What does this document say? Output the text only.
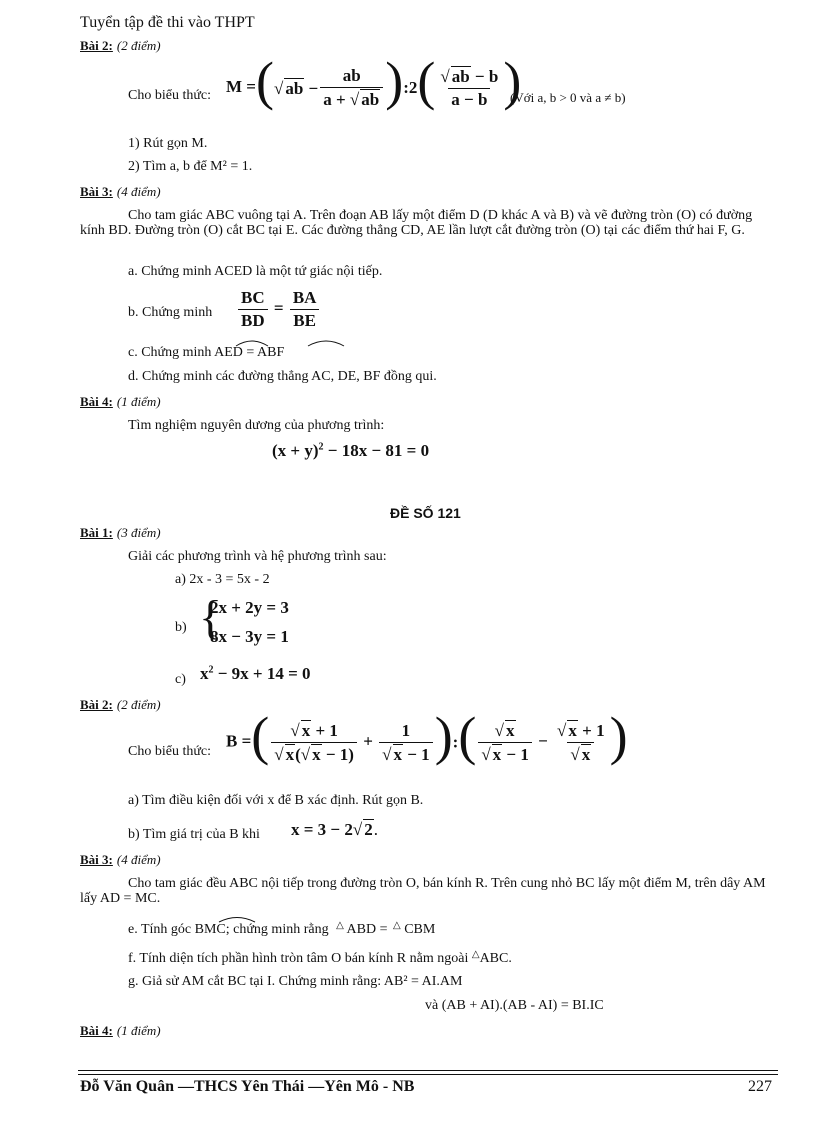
Tuyển tập đề thi vào THPT
Bài 2: (2 điểm)
Cho biểu thức: M =(√ ab − $\frac{ab}{a + √ ab}$ ):2( $\frac{√ ab - b}{a - b}$ )
(Với a, b > 0 và a ≠ b)
1) Rút gọn M.
2) Tìm a, b để M² = 1.
Bài 3: (4 điểm)
Cho tam giác ABC vuông tại A. Trên đoạn AB lấy một điểm D (D khác A và B) và vẽ đường tròn (O) có đường kính BD. Đường tròn (O) cắt BC tại E. Các đường thẳng CD, AE lần lượt cắt đường tròn (O) tại các điểm thứ hai F, G.
a. Chứng minh ACED là một tứ giác nội tiếp.
b. Chứng minh $\frac{BC}{BD} = \frac{BA}{BE}$
c. Chứng minh AED = ABF
d. Chứng minh các đường thẳng AC, DE, BF đồng qui.
Bài 4: (1 điểm)
Tìm nghiệm nguyên dương của phương trình:
$(x + y)^2 - 18x - 81 = 0$
ĐỀ SỐ 121
Bài 1: (3 điểm)
Giải các phương trình và hệ phương trình sau:
a) 2x - 3 = 5x - 2
b) {
2x + 2y = 3
8x − 3y = 1
c) $x^2 - 9x + 14 = 0$
Bài 2: (2 điểm)
Cho biểu thức:
B =( $\frac{√ x + 1}{√ x(√ x - 1)} + \frac{1}{√ x - 1}$ ):( $\frac{√ x}{√ x - 1} - \frac{√ x + 1}{√ x}$ )
a) Tìm điều kiện đối với x để B xác định. Rút gọn B.
b) Tìm giá trị của B khi x = 3 − 2√ 2.
Bài 3: (4 điểm)
Cho tam giác đều ABC nội tiếp trong đường tròn O, bán kính R. Trên cung nhỏ BC lấy một điểm M, trên dây AM lấy AD = MC.
e. Tính góc BMC; chứng minh rằng △ ABD = △ CBM
f. Tính diện tích phần hình tròn tâm O bán kính R nằm ngoài △ABC.
g. Giả sử AM cắt BC tại I. Chứng minh rằng: AB² = AI.AM
và (AB + AI).(AB - AI) = BI.IC
Bài 4: (1 điểm)
Đỗ Văn Quân —THCS Yên Thái —Yên Mô - NB	227
